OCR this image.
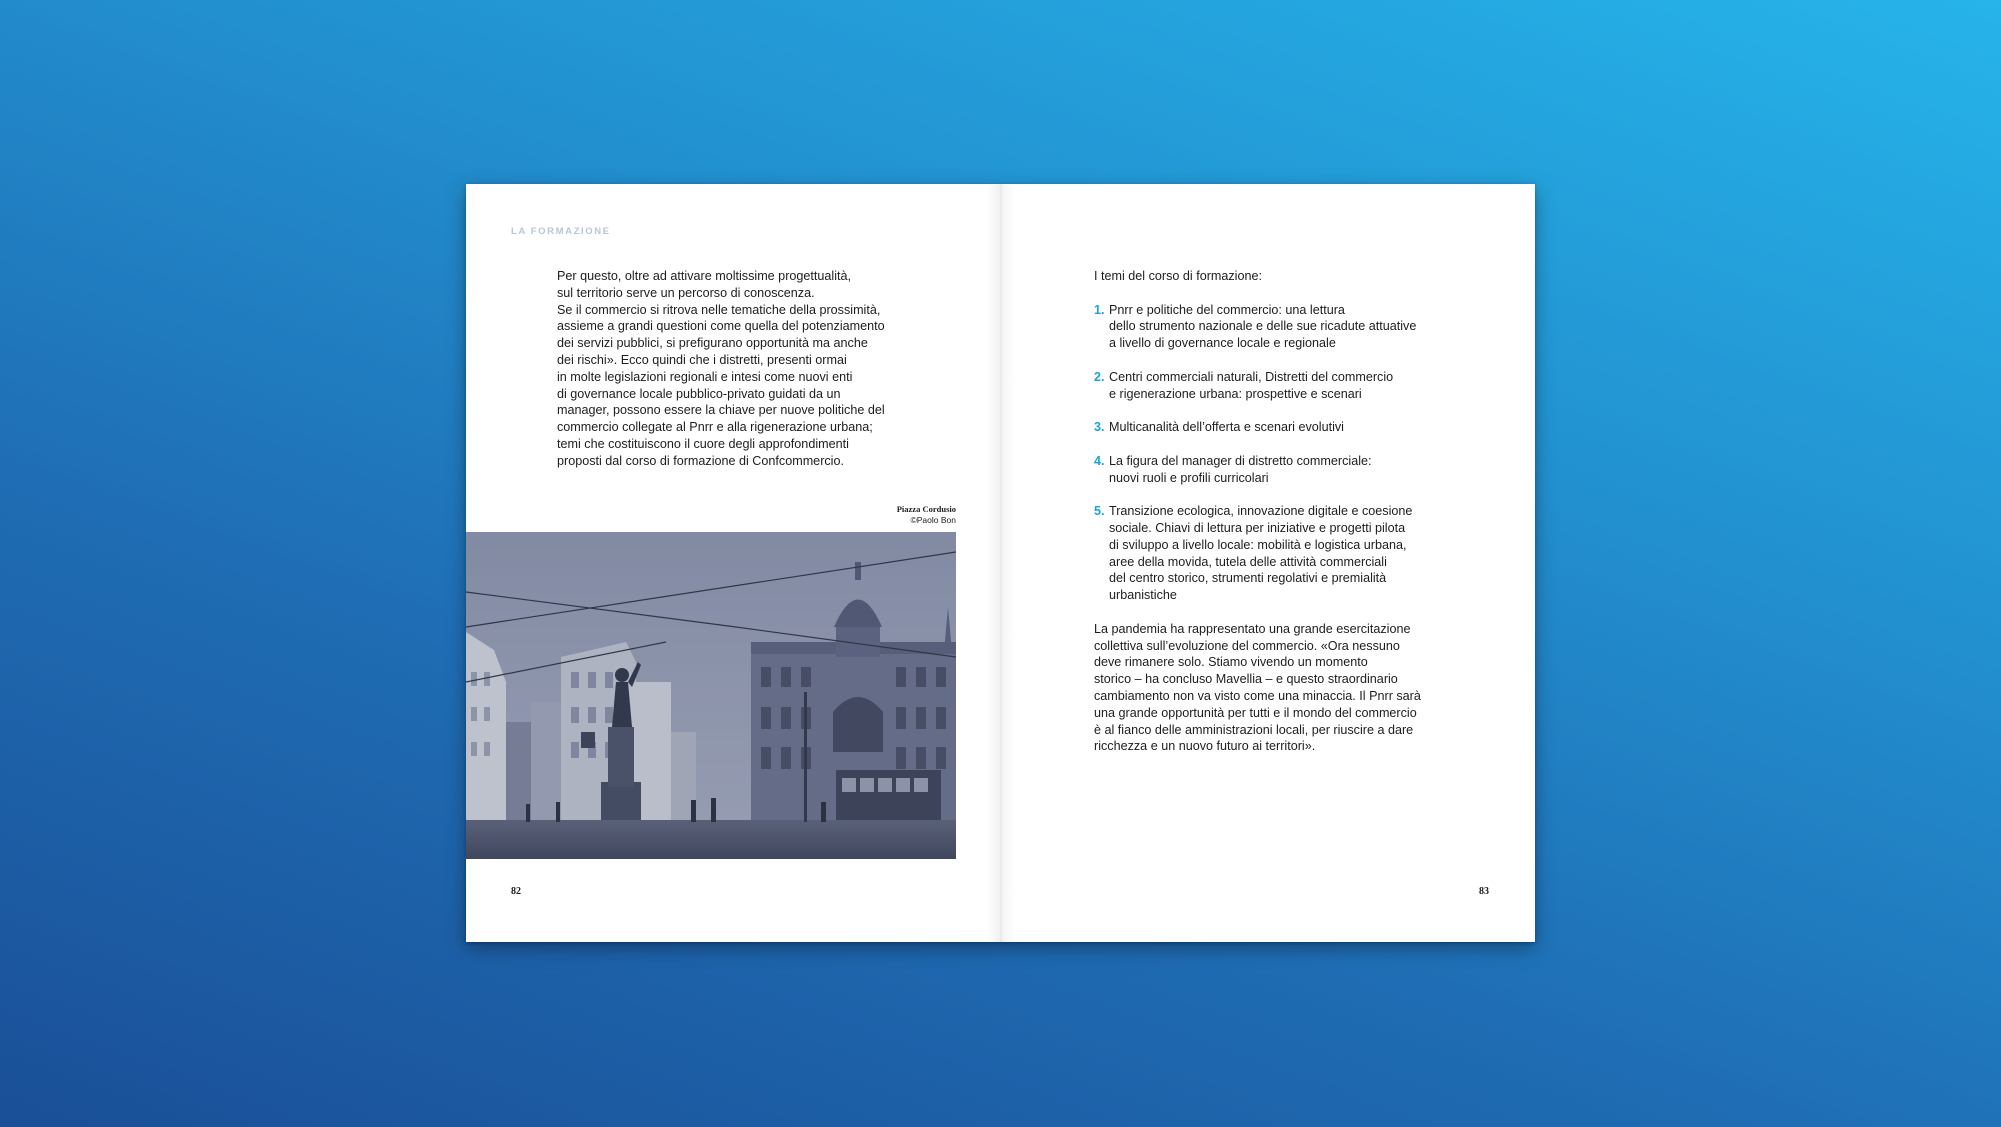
LA FORMAZIONE
Per questo, oltre ad attivare moltissime progettualità,
sul territorio serve un percorso di conoscenza.
Se il commercio si ritrova nelle tematiche della prossimità,
assieme a grandi questioni come quella del potenziamento
dei servizi pubblici, si prefigurano opportunità ma anche
dei rischi». Ecco quindi che i distretti, presenti ormai
in molte legislazioni regionali e intesi come nuovi enti
di governance locale pubblico-privato guidati da un
manager, possono essere la chiave per nuove politiche del
commercio collegate al Pnrr e alla rigenerazione urbana;
temi che costituiscono il cuore degli approfondimenti
proposti dal corso di formazione di Confcommercio.
Piazza Cordusio
©Paolo Bon
82
I temi del corso di formazione:
1. Pnrr e politiche del commercio: una lettura
dello strumento nazionale e delle sue ricadute attuative
a livello di governance locale e regionale
2. Centri commerciali naturali, Distretti del commercio
e rigenerazione urbana: prospettive e scenari
3. Multicanalità dell’offerta e scenari evolutivi
4. La figura del manager di distretto commerciale:
nuovi ruoli e profili curricolari
5. Transizione ecologica, innovazione digitale e coesione
sociale. Chiavi di lettura per iniziative e progetti pilota
di sviluppo a livello locale: mobilità e logistica urbana,
aree della movida, tutela delle attività commerciali
del centro storico, strumenti regolativi e premialità
urbanistiche
La pandemia ha rappresentato una grande esercitazione
collettiva sull’evoluzione del commercio. «Ora nessuno
deve rimanere solo. Stiamo vivendo un momento
storico – ha concluso Mavellia – e questo straordinario
cambiamento non va visto come una minaccia. Il Pnrr sarà
una grande opportunità per tutti e il mondo del commercio
è al fianco delle amministrazioni locali, per riuscire a dare
ricchezza e un nuovo futuro ai territori».
83
